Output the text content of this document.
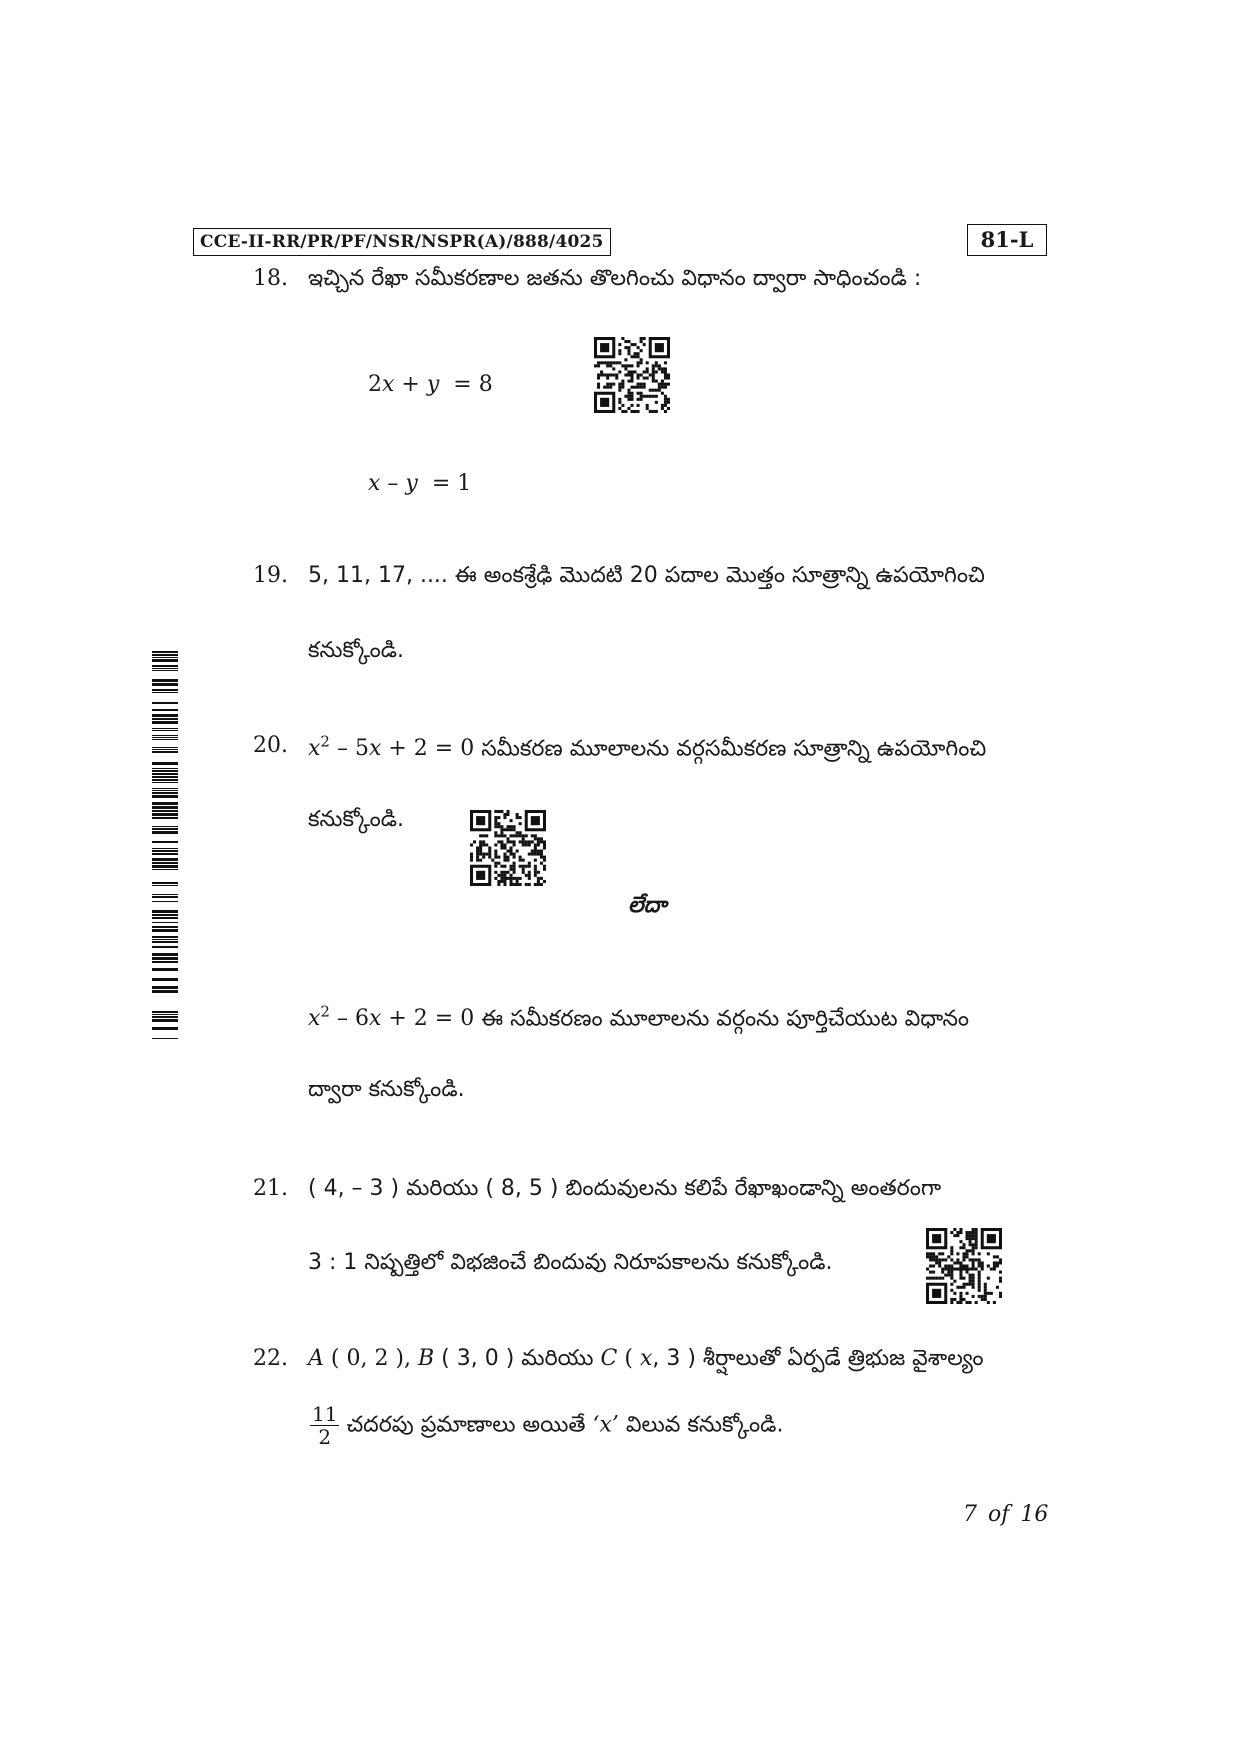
CCE-II-RR/PR/PF/NSR/NSPR(A)/888/4025	81-L
18. ఇచ్చిన రేఖా సమీకరణాల జతను తొలగించు విధానం ద్వారా సాధించండి :
2x + y = 8
x – y = 1
19. 5, 11, 17, .... ఈ అంకశ్రేఢి మొదటి 20 పదాల మొత్తం సూత్రాన్ని ఉపయోగించి
కనుక్కోండి.
20. $x^2 - 5x + 2 = 0$ సమీకరణ మూలాలను వర్గసమీకరణ సూత్రాన్ని ఉపయోగించి
కనుక్కోండి.
లేదా
$x^2 - 6x + 2 = 0$ ఈ సమీకరణం మూలాలను వర్గంను పూర్తిచేయుట విధానం
ద్వారా కనుక్కోండి.
21. ( 4, – 3 ) మరియు ( 8, 5 ) బిందువులను కలిపే రేఖాఖండాన్ని అంతరంగా
3 : 1 నిష్పత్తిలో విభజించే బిందువు నిరూపకాలను కనుక్కోండి.
22. A ( 0, 2 ), B ( 3, 0 ) మరియు C ( x, 3 ) శీర్షాలుతో ఏర్పడే త్రిభుజ వైశాల్యం
$\frac{11}{2}$ చదరపు ప్రమాణాలు అయితే ‘x’ విలువ కనుక్కోండి.
7 of 16
